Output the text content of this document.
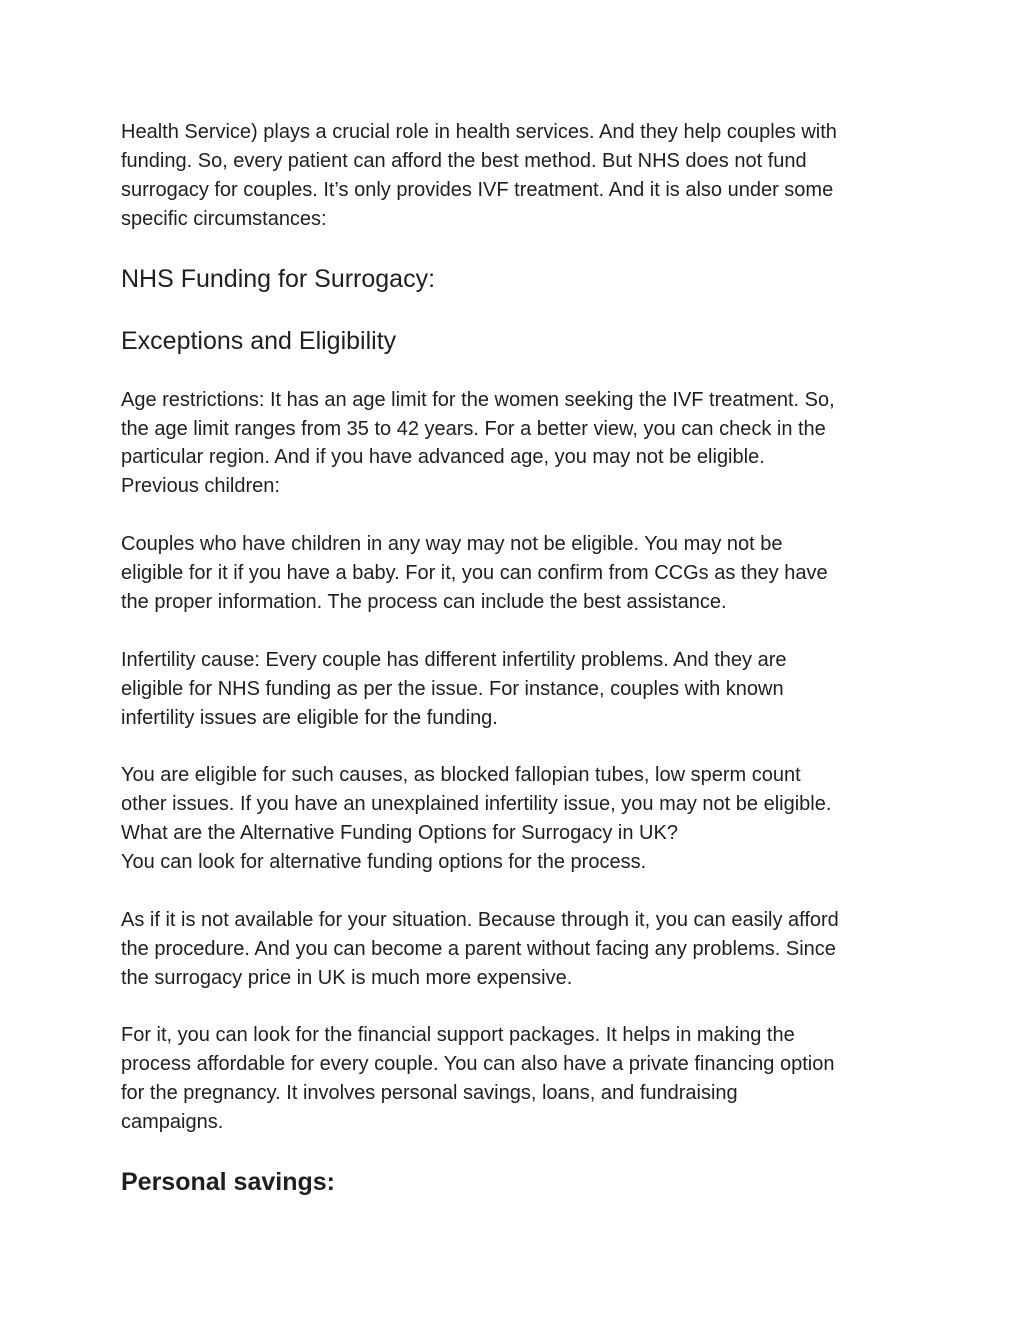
Health Service) plays a crucial role in health services. And they help couples with
funding. So, every patient can afford the best method. But NHS does not fund
surrogacy for couples. It’s only provides IVF treatment. And it is also under some
specific circumstances:

NHS Funding for Surrogacy:
Exceptions and Eligibility

Age restrictions: It has an age limit for the women seeking the IVF treatment. So,
the age limit ranges from 35 to 42 years. For a better view, you can check in the
particular region. And if you have advanced age, you may not be eligible.
Previous children:

Couples who have children in any way may not be eligible. You may not be
eligible for it if you have a baby. For it, you can confirm from CCGs as they have
the proper information. The process can include the best assistance.

Infertility cause: Every couple has different infertility problems. And they are
eligible for NHS funding as per the issue. For instance, couples with known
infertility issues are eligible for the funding.

You are eligible for such causes, as blocked fallopian tubes, low sperm count
other issues. If you have an unexplained infertility issue, you may not be eligible.
What are the Alternative Funding Options for Surrogacy in UK?
You can look for alternative funding options for the process.

As if it is not available for your situation. Because through it, you can easily afford
the procedure. And you can become a parent without facing any problems. Since
the surrogacy price in UK is much more expensive.

For it, you can look for the financial support packages. It helps in making the
process affordable for every couple. You can also have a private financing option
for the pregnancy. It involves personal savings, loans, and fundraising
campaigns.

Personal savings:
